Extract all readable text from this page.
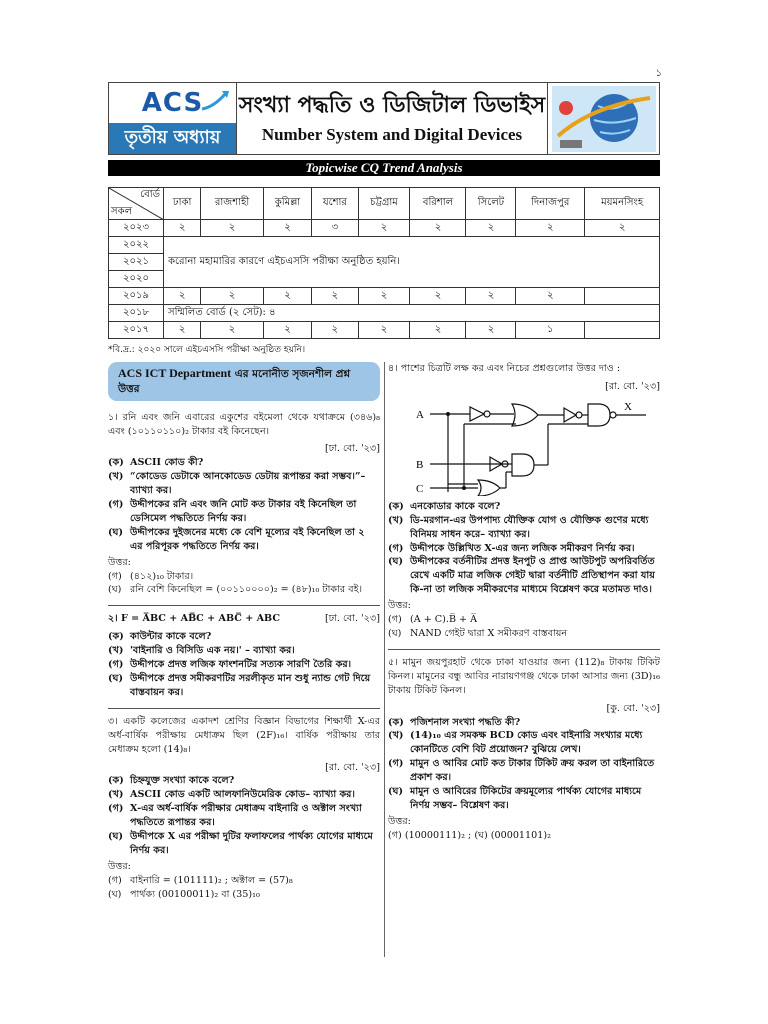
১
ACS
তৃতীয় অধ্যায়
সংখ্যা পদ্ধতি ও ডিজিটাল ডিভাইস
Number System and Digital Devices
Topicwise CQ Trend Analysis
বোর্ড
সকল	ঢাকা	রাজশাহী	কুমিল্লা	যশোর	চট্টগ্রাম	বরিশাল	সিলেট	দিনাজপুর	ময়মনসিংহ
২০২৩	২	২	২	৩	২	২	২	২	২
২০২২	করোনা মহামারির কারণে এইচএসসি পরীক্ষা অনুষ্ঠিত হয়নি।								
২০২১									
২০২০									
২০১৯	২	২	২	২	২	২	২	২	
২০১৮	সম্মিলিত বোর্ড (২ সেট): ৪								
২০১৭	২	২	২	২	২	২	২	১	
*বি.দ্র.: ২০২০ সালে এইচএসসি পরীক্ষা অনুষ্ঠিত হয়নি।
ACS ICT Department এর মনোনীত সৃজনশীল প্রশ্ন উত্তর
১। রনি এবং জনি এবারের একুশের বইমেলা থেকে যথাক্রমে (৩৪৬)₈ এবং (১০১১০১১০)₂ টাকার বই কিনেছেন।
[ঢা. বো. '২৩]
(ক) ASCII কোড কী?
(খ) “কোডেড ডেটাকে আনকোডেড ডেটায় রূপান্তর করা সম্ভব।”– ব্যাখ্যা কর।
(গ) উদ্দীপকের রনি এবং জনি মোট কত টাকার বই কিনেছিল তা ডেসিমেল পদ্ধতিতে নির্ণয় কর।
(ঘ) উদ্দীপকের দুইজনের মধ্যে কে বেশি মূল্যের বই কিনেছিল তা ২ এর পরিপূরক পদ্ধতিতে নির্ণয় কর।
উত্তর:
(গ) (৪১২)₁₀ টাকার।
(ঘ) রনি বেশি কিনেছিল = (০০১১০০০০)₂ = (৪৮)₁₀ টাকার বই।
২। F = A̅BC + AB̅C + ABC̅ + ABC	[ঢা. বো. '২৩]
(ক) কাউন্টার কাকে বলে?
(খ) 'বাইনারি ও বিসিডি এক নয়।' – ব্যাখ্যা কর।
(গ) উদ্দীপকে প্রদত্ত লজিক ফাংশনটির সত্যক সারণি তৈরি কর।
(ঘ) উদ্দীপকে প্রদত্ত সমীকরণটির সরলীকৃত মান শুধু ন্যান্ড গেট দিয়ে বাস্তবায়ন কর।
৩। একটি কলেজের একাদশ শ্রেণির বিজ্ঞান বিভাগের শিক্ষার্থী X-এর অর্ধ-বার্ষিক পরীক্ষায় মেধাক্রম ছিল (2F)₁₆। বার্ষিক পরীক্ষায় তার মেধাক্রম হলো (14)₈।
[রা. বো. '২৩]
(ক) চিহ্নযুক্ত সংখ্যা কাকে বলে?
(খ) ASCII কোড একটি আলফানিউমেরিক কোড– ব্যাখ্যা কর।
(গ) X-এর অর্ধ-বার্ষিক পরীক্ষার মেধাক্রম বাইনারি ও অক্টাল সংখ্যা পদ্ধতিতে রূপান্তর কর।
(ঘ) উদ্দীপকে X এর পরীক্ষা দুটির ফলাফলের পার্থক্য যোগের মাধ্যমে নির্ণয় কর।
উত্তর:
(গ) বাইনারি = (101111)₂ ; অক্টাল = (57)₈
(ঘ) পার্থক্য (00100011)₂ বা (35)₁₀
৪। পাশের চিত্রটি লক্ষ কর এবং নিচের প্রশ্নগুলোর উত্তর দাও :
[রা. বো. '২৩]
A
B
C
X
(ক) এনকোডার কাকে বলে?
(খ) ডি-মরগান-এর উপপাদ্য যৌক্তিক যোগ ও যৌক্তিক গুণের মধ্যে বিনিময় সাধন করে– ব্যাখ্যা কর।
(গ) উদ্দীপকে উল্লিখিত X-এর জন্য লজিক সমীকরণ নির্ণয় কর।
(ঘ) উদ্দীপকের বর্তনীটির প্রদত্ত ইনপুট ও প্রাপ্ত আউটপুট অপরিবর্তিত রেখে একটি মাত্র লজিক গেইট দ্বারা বর্তনীটি প্রতিস্থাপন করা যায় কি-না তা লজিক সমীকরণের মাধ্যমে বিশ্লেষণ করে মতামত দাও।
উত্তর:
(গ) (A + C).B̅ + A̅
(ঘ) NAND গেইট দ্বারা X সমীকরণ বাস্তবায়ন
৫। মামুন জয়পুরহাট থেকে ঢাকা যাওয়ার জন্য (112)₈ টাকায় টিকিট কিনল। মামুনের বন্ধু আবির নারায়ণগঞ্জ থেকে ঢাকা আসার জন্য (3D)₁₆ টাকায় টিকিট কিনল।
[কু. বো. '২৩]
(ক) পজিশনাল সংখ্যা পদ্ধতি কী?
(খ) (14)₁₀ এর সমকক্ষ BCD কোড এবং বাইনারি সংখ্যার মধ্যে কোনটিতে বেশি বিট প্রয়োজন? বুঝিয়ে লেখ।
(গ) মামুন ও আবির মোট কত টাকার টিকিট ক্রয় করল তা বাইনারিতে প্রকাশ কর।
(ঘ) মামুন ও আবিরের টিকিটের ক্রয়মূল্যের পার্থক্য যোগের মাধ্যমে নির্ণয় সম্ভব– বিশ্লেষণ কর।
উত্তর:
(গ) (10000111)₂ ; (ঘ) (00001101)₂
